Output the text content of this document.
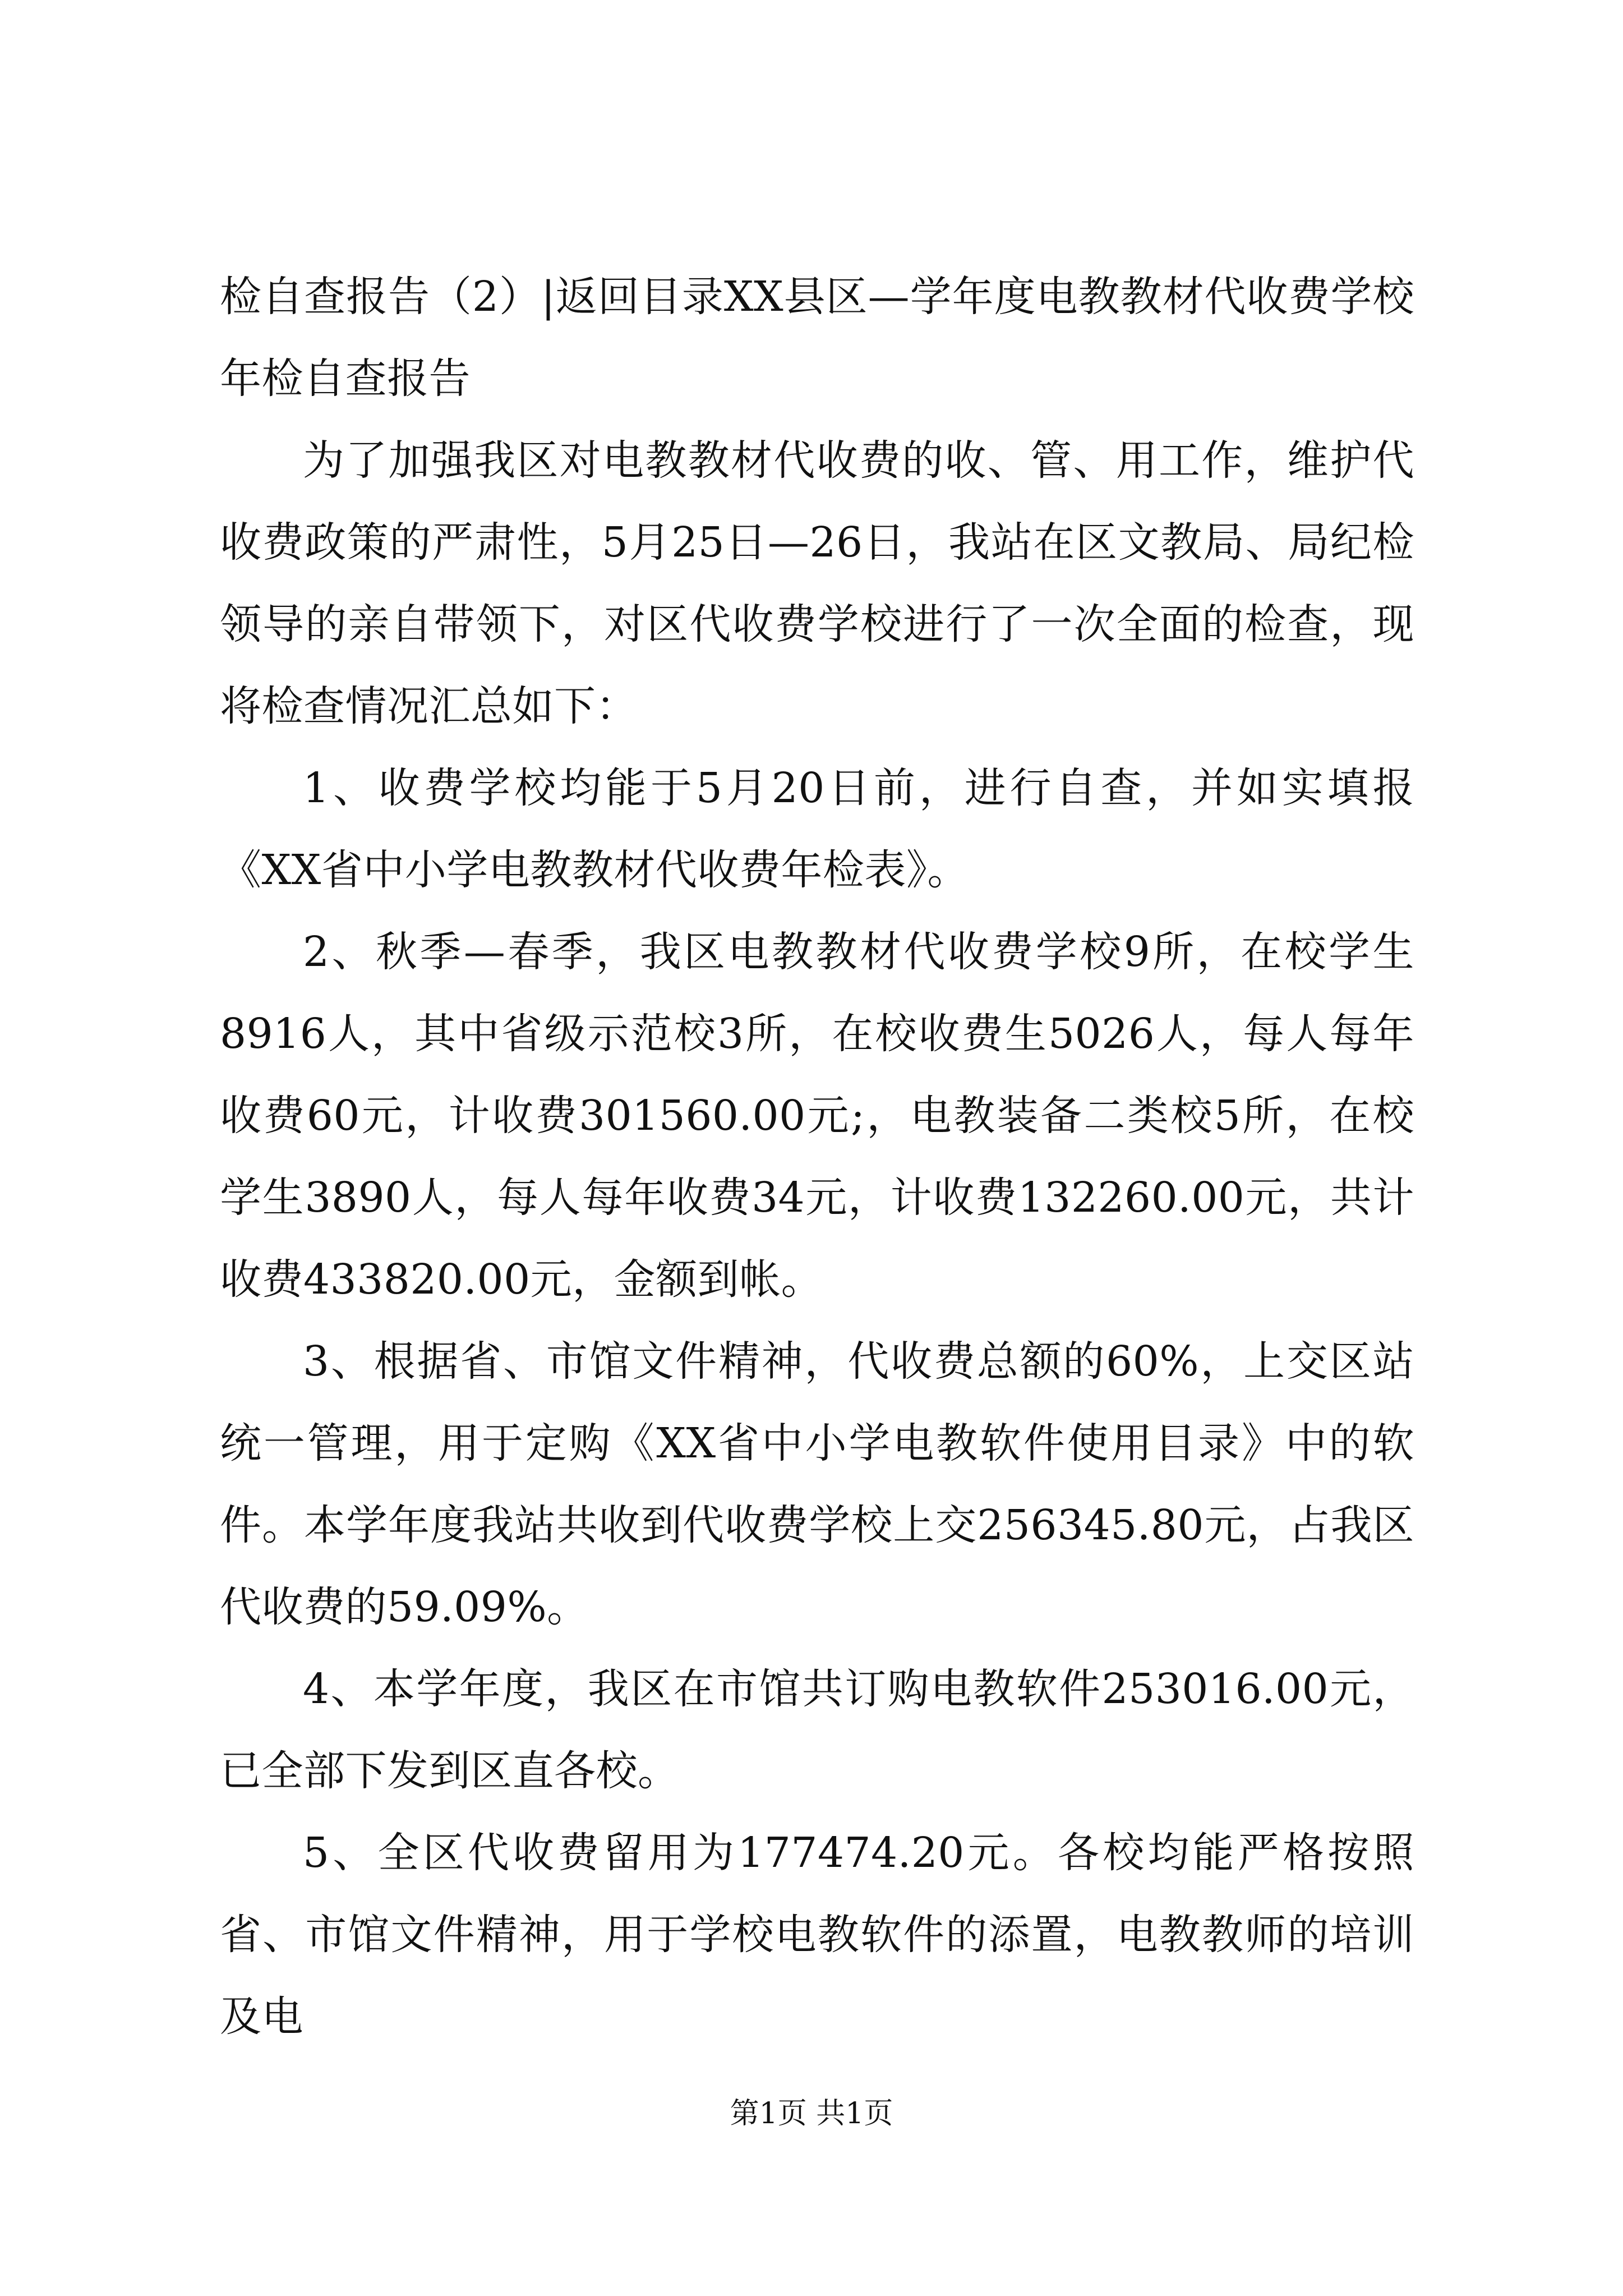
检自查报告（2）|返回目录XX县区—学年度电教教材代收费学校年检自查报告

为了加强我区对电教教材代收费的收、管、用工作，维护代收费政策的严肃性，5月25日—26日，我站在区文教局、局纪检领导的亲自带领下，对区代收费学校进行了一次全面的检查，现将检查情况汇总如下：

1、收费学校均能于5月20日前，进行自查，并如实填报《XX省中小学电教教材代收费年检表》。

2、秋季—春季，我区电教教材代收费学校9所，在校学生8916人，其中省级示范校3所，在校收费生5026人，每人每年收费60元，计收费301560.00元;，电教装备二类校5所，在校学生3890人，每人每年收费34元，计收费132260.00元，共计收费433820.00元，金额到帐。

3、根据省、市馆文件精神，代收费总额的60%，上交区站统一管理，用于定购《XX省中小学电教软件使用目录》中的软件。本学年度我站共收到代收费学校上交256345.80元，占我区代收费的59.09%。

4、本学年度，我区在市馆共订购电教软件253016.00元，已全部下发到区直各校。

5、全区代收费留用为177474.20元。各校均能严格按照省、市馆文件精神，用于学校电教软件的添置，电教教师的培训及电

第1页 共1页
